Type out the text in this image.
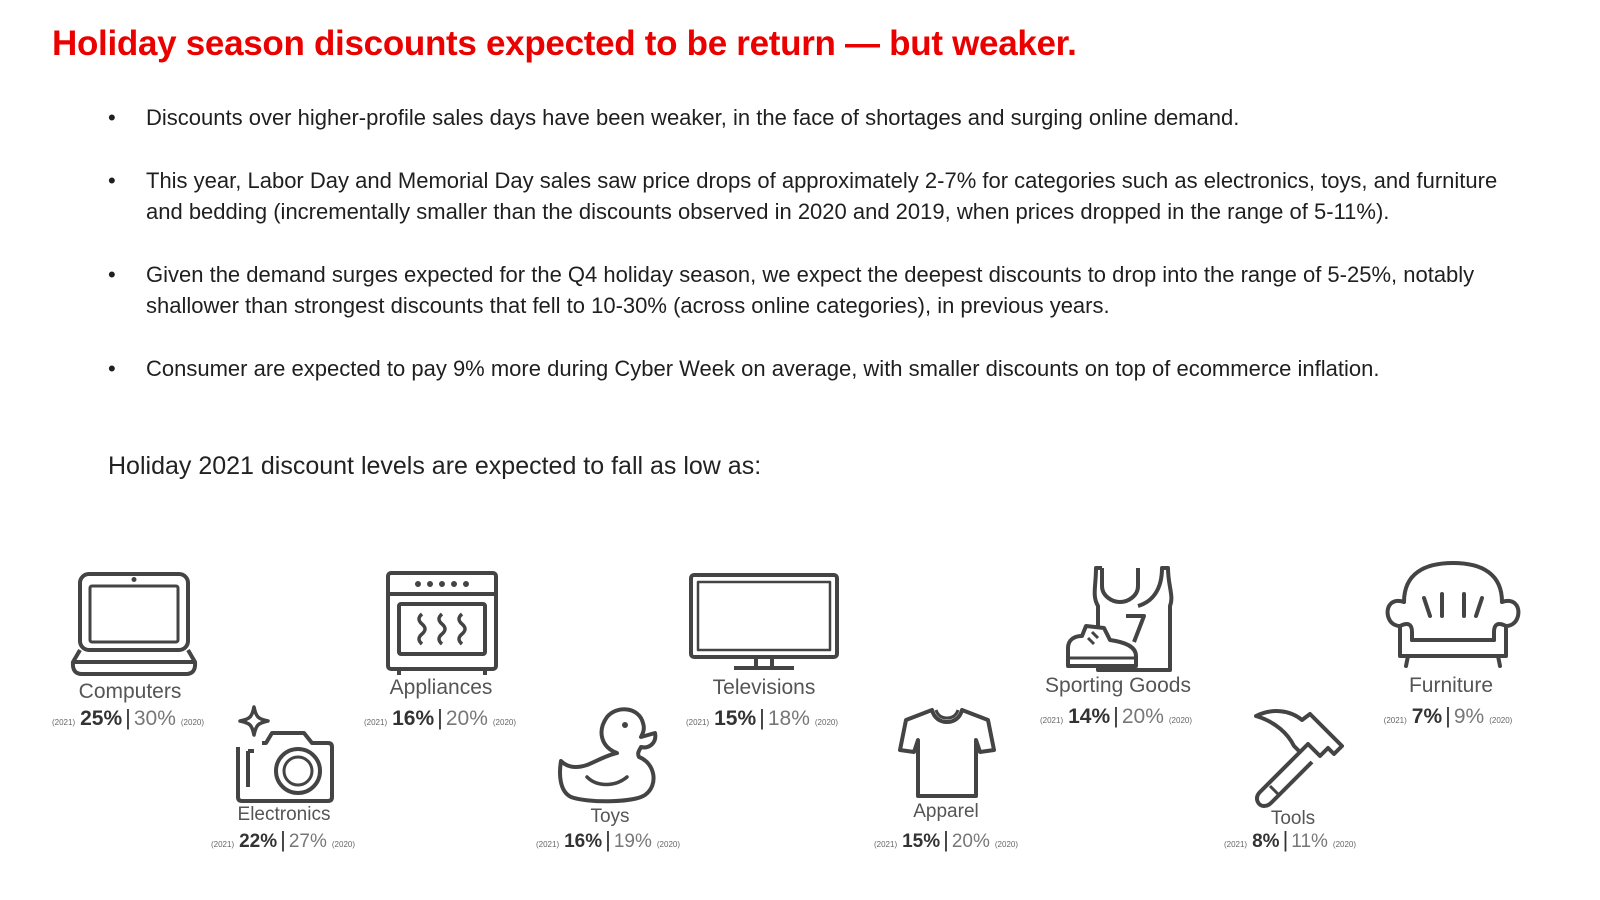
Holiday season discounts expected to be return — but weaker.
• Discounts over higher-profile sales days have been weaker, in the face of shortages and surging online demand.
• This year, Labor Day and Memorial Day sales saw price drops of approximately 2-7% for categories such as electronics, toys, and furniture and bedding (incrementally smaller than the discounts observed in 2020 and 2019, when prices dropped in the range of 5-11%).
• Given the demand surges expected for the Q4 holiday season, we expect the deepest discounts to drop into the range of 5-25%, notably shallower than strongest discounts that fell to 10-30% (across online categories), in previous years.
• Consumer are expected to pay 9% more during Cyber Week on average, with smaller discounts on top of ecommerce inflation.
Holiday 2021 discount levels are expected to fall as low as:
Computers
(2021) 25% | 30% (2020)
Electronics
(2021) 22% | 27% (2020)
Appliances
(2021) 16% | 20% (2020)
Toys
(2021) 16% | 19% (2020)
Televisions
(2021) 15% | 18% (2020)
Apparel
(2021) 15% | 20% (2020)
Sporting Goods
(2021) 14% | 20% (2020)
Tools
(2021) 8% | 11% (2020)
Furniture
(2021) 7% | 9% (2020)
